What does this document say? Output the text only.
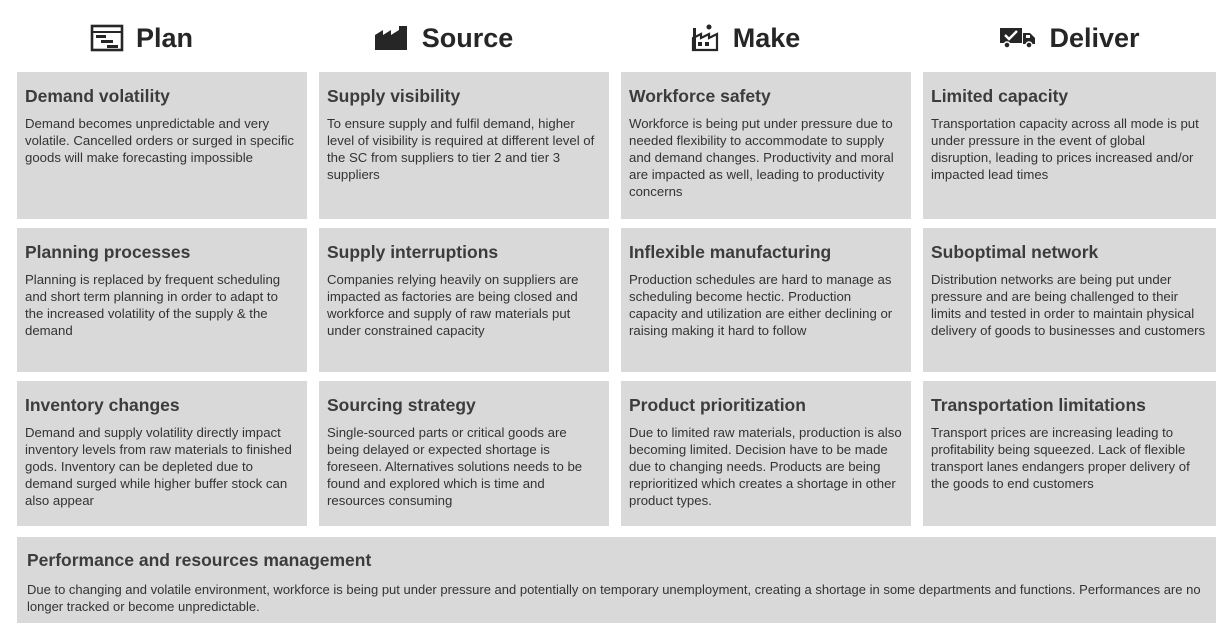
Plan	Source	Make	Deliver

Demand volatility

Demand becomes unpredictable and very volatile. Cancelled orders or surged in specific goods will make forecasting impossible

Supply visibility

To ensure supply and fulfil demand, higher level of visibility is required at different level of the SC from suppliers to tier 2 and tier 3 suppliers

Workforce safety

Workforce is being put under pressure due to needed flexibility to accommodate to supply and demand changes. Productivity and moral are impacted as well, leading to productivity concerns

Limited capacity

Transportation capacity across all mode is put under pressure in the event of global disruption, leading to prices increased and/or impacted lead times

Planning processes

Planning is replaced by frequent scheduling and short term planning in order to adapt to the increased volatility of the supply & the demand

Supply interruptions

Companies relying heavily on suppliers are impacted as factories are being closed and workforce and supply of raw materials put under constrained capacity

Inflexible manufacturing

Production schedules are hard to manage as scheduling become hectic. Production capacity and utilization are either declining or raising making it hard to follow

Suboptimal network

Distribution networks are being put under pressure and are being challenged to their limits and tested in order to maintain physical delivery of goods to businesses and customers

Inventory changes

Demand and supply volatility directly impact inventory levels from raw materials to finished gods. Inventory can be depleted due to demand surged while higher buffer stock can also appear

Sourcing strategy

Single-sourced parts or critical goods are being delayed or expected shortage is foreseen. Alternatives solutions needs to be found and explored which is time and resources consuming

Product prioritization

Due to limited raw materials, production is also becoming limited. Decision have to be made due to changing needs. Products are being reprioritized which creates a shortage in other product types.

Transportation limitations

Transport prices are increasing leading to profitability being squeezed. Lack of flexible transport lanes endangers proper delivery of the goods to end customers

Performance and resources management

Due to changing and volatile environment, workforce is being put under pressure and potentially on temporary unemployment, creating a shortage in some departments and functions. Performances are no longer tracked or become unpredictable.
